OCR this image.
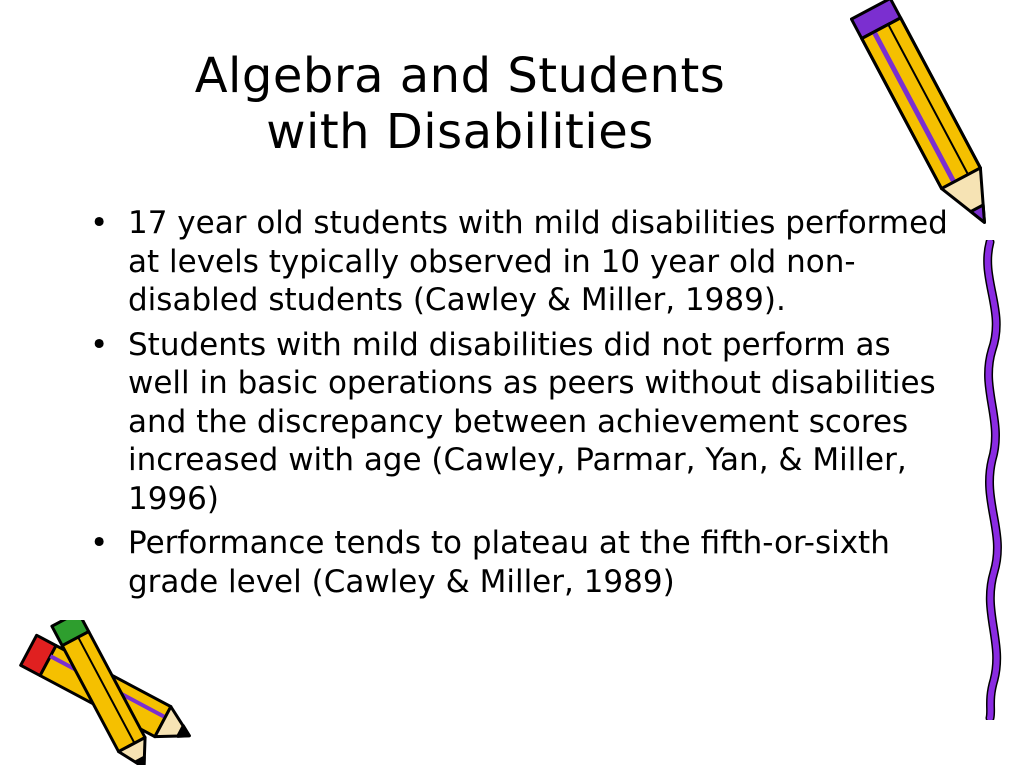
Algebra and Students
with Disabilities
• 17 year old students with mild disabilities performed at levels typically observed in 10 year old non-disabled students (Cawley & Miller, 1989).
• Students with mild disabilities did not perform as well in basic operations as peers without disabilities and the discrepancy between achievement scores increased with age (Cawley, Parmar, Yan, & Miller, 1996)
• Performance tends to plateau at the fifth-or-sixth grade level (Cawley & Miller, 1989)
